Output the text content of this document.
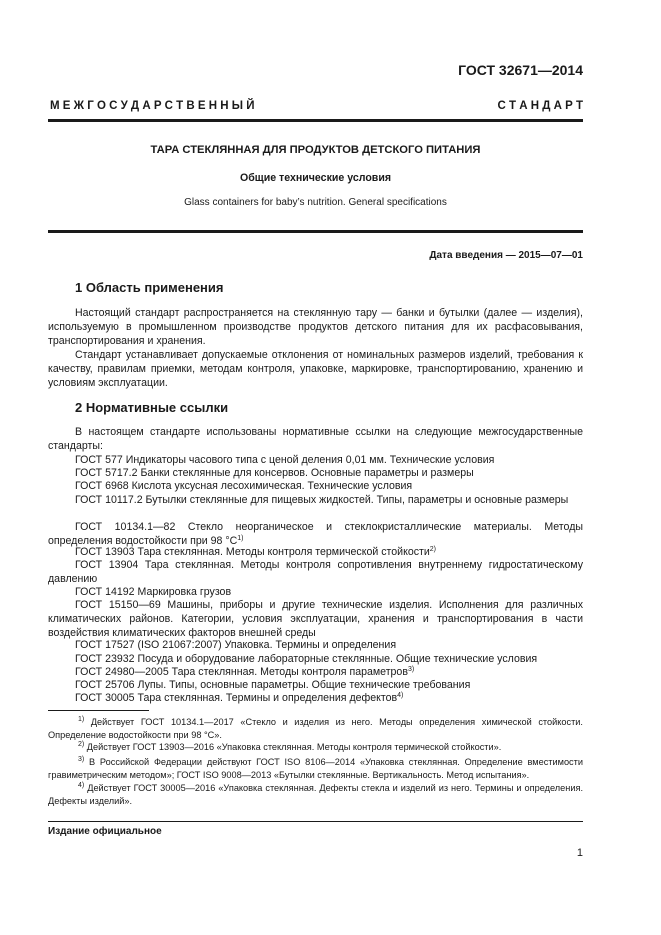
ГОСТ 32671—2014
М Е Ж Г О С У Д А Р С Т В Е Н Н Ы Й	С Т А Н Д А Р Т
ТАРА СТЕКЛЯННАЯ ДЛЯ ПРОДУКТОВ ДЕТСКОГО ПИТАНИЯ
Общие технические условия
Glass containers for baby’s nutrition. General specifications
Дата введения — 2015—07—01
1 Область применения
Настоящий стандарт распространяется на стеклянную тару — банки и бутылки (далее — изделия), используемую в промышленном производстве продуктов детского питания для их расфасовывания, транспортирования и хранения.
Стандарт устанавливает допускаемые отклонения от номинальных размеров изделий, требования к качеству, правилам приемки, методам контроля, упаковке, маркировке, транспортированию, хранению и условиям эксплуатации.
2 Нормативные ссылки
В настоящем стандарте использованы нормативные ссылки на следующие межгосударственные стандарты:
ГОСТ 577 Индикаторы часового типа с ценой деления 0,01 мм. Технические условия
ГОСТ 5717.2 Банки стеклянные для консервов. Основные параметры и размеры
ГОСТ 6968 Кислота уксусная лесохимическая. Технические условия
ГОСТ 10117.2 Бутылки стеклянные для пищевых жидкостей. Типы, параметры и основные размеры
ГОСТ 10134.1—82 Стекло неорганическое и стеклокристаллические материалы. Методы определения водостойкости при 98 $^\circ С^{1)}$
ГОСТ 13903 Тара стеклянная. Методы контроля термической стойкости$^{2)}$
ГОСТ 13904 Тара стеклянная. Методы контроля сопротивления внутреннему гидростатическому давлению
ГОСТ 14192 Маркировка грузов
ГОСТ 15150—69 Машины, приборы и другие технические изделия. Исполнения для различных климатических районов. Категории, условия эксплуатации, хранения и транспортирования в части воздействия климатических факторов внешней среды
ГОСТ 17527 (ISO 21067:2007) Упаковка. Термины и определения
ГОСТ 23932 Посуда и оборудование лабораторные стеклянные. Общие технические условия
ГОСТ 24980—2005 Тара стеклянная. Методы контроля параметров$^{3)}$
ГОСТ 25706 Лупы. Типы, основные параметры. Общие технические требования
ГОСТ 30005 Тара стеклянная. Термины и определения дефектов$^{4)}$
$^{1)}$ Действует ГОСТ 10134.1—2017 «Стекло и изделия из него. Методы определения химической стойкости. Определение водостойкости при 98 °С».
$^{2)}$ Действует ГОСТ 13903—2016 «Упаковка стеклянная. Методы контроля термической стойкости».
$^{3)}$ В Российской Федерации действуют ГОСТ ISO 8106—2014 «Упаковка стеклянная. Определение вместимости гравиметрическим методом»; ГОСТ ISO 9008—2013 «Бутылки стеклянные. Вертикальность. Метод испытания».
$^{4)}$ Действует ГОСТ 30005—2016 «Упаковка стеклянная. Дефекты стекла и изделий из него. Термины и определения. Дефекты изделий».
Издание официальное
1
